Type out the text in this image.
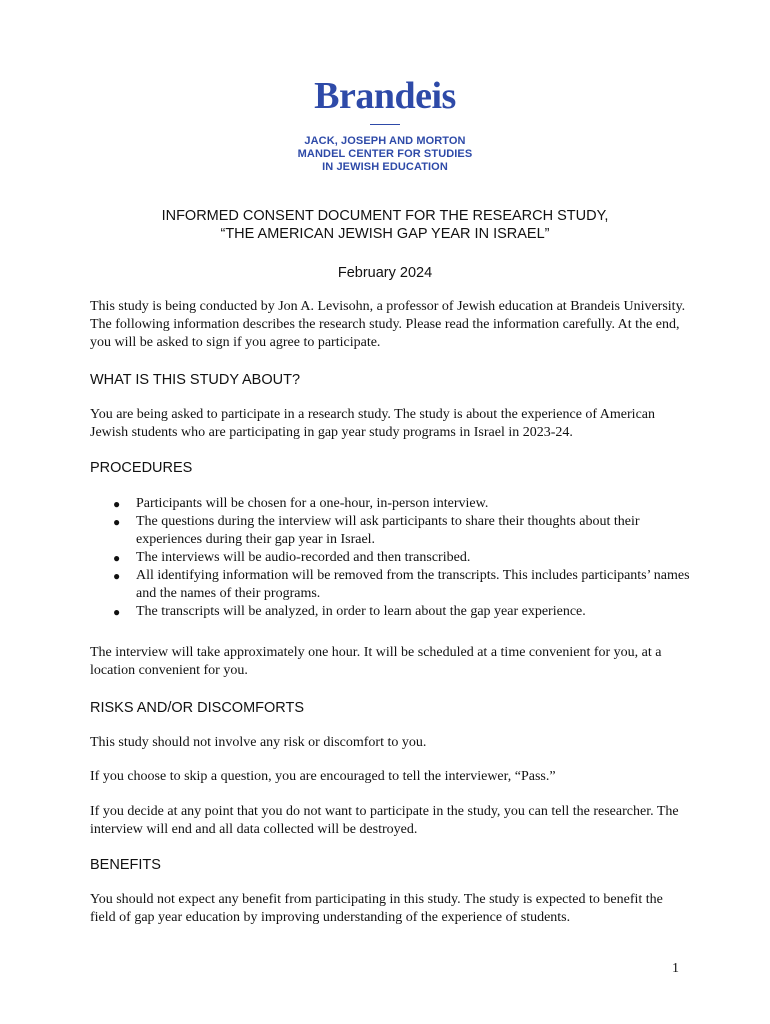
Brandeis
JACK, JOSEPH AND MORTON
MANDEL CENTER FOR STUDIES
IN JEWISH EDUCATION
INFORMED CONSENT DOCUMENT FOR THE RESEARCH STUDY,
“THE AMERICAN JEWISH GAP YEAR IN ISRAEL”
February 2024
This study is being conducted by Jon A. Levisohn, a professor of Jewish education at Brandeis University. The following information describes the research study. Please read the information carefully. At the end, you will be asked to sign if you agree to participate.
WHAT IS THIS STUDY ABOUT?
You are being asked to participate in a research study. The study is about the experience of American Jewish students who are participating in gap year study programs in Israel in 2023-24.
PROCEDURES
● Participants will be chosen for a one-hour, in-person interview.
● The questions during the interview will ask participants to share their thoughts about their experiences during their gap year in Israel.
● The interviews will be audio-recorded and then transcribed.
● All identifying information will be removed from the transcripts. This includes participants’ names and the names of their programs.
● The transcripts will be analyzed, in order to learn about the gap year experience.
The interview will take approximately one hour. It will be scheduled at a time convenient for you, at a location convenient for you.
RISKS AND/OR DISCOMFORTS
This study should not involve any risk or discomfort to you.
If you choose to skip a question, you are encouraged to tell the interviewer, “Pass.”
If you decide at any point that you do not want to participate in the study, you can tell the researcher. The interview will end and all data collected will be destroyed.
BENEFITS
You should not expect any benefit from participating in this study. The study is expected to benefit the field of gap year education by improving understanding of the experience of students.
1
